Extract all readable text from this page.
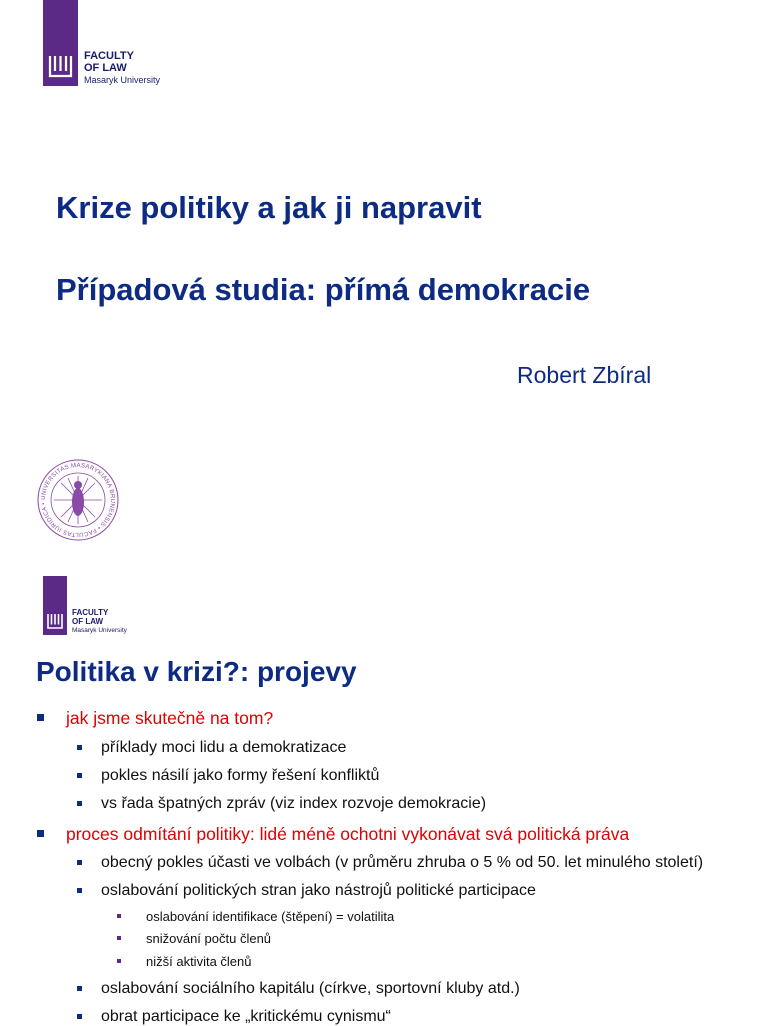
FACULTY
OF LAW
Masaryk University
Krize politiky a jak ji napravit
Případová studia: přímá demokracie
Robert Zbíral
UNIVERSITAS MASARYKIANA BRUNENSIS • FACULTAS IURIDICA •
FACULTY
OF LAW
Masaryk University
Politika v krizi?: projevy
jak jsme skutečně na tom?
příklady moci lidu a demokratizace
pokles násilí jako formy řešení konfliktů
vs řada špatných zpráv (viz index rozvoje demokracie)
proces odmítání politiky: lidé méně ochotni vykonávat svá politická práva
obecný pokles účasti ve volbách (v průměru zhruba o 5 % od 50. let minulého století)
oslabování politických stran jako nástrojů politické participace
oslabování identifikace (štěpení) = volatilita
snižování počtu členů
nižší aktivita členů
oslabování sociálního kapitálu (církve, sportovní kluby atd.)
obrat participace ke „kritickému cynismu“
